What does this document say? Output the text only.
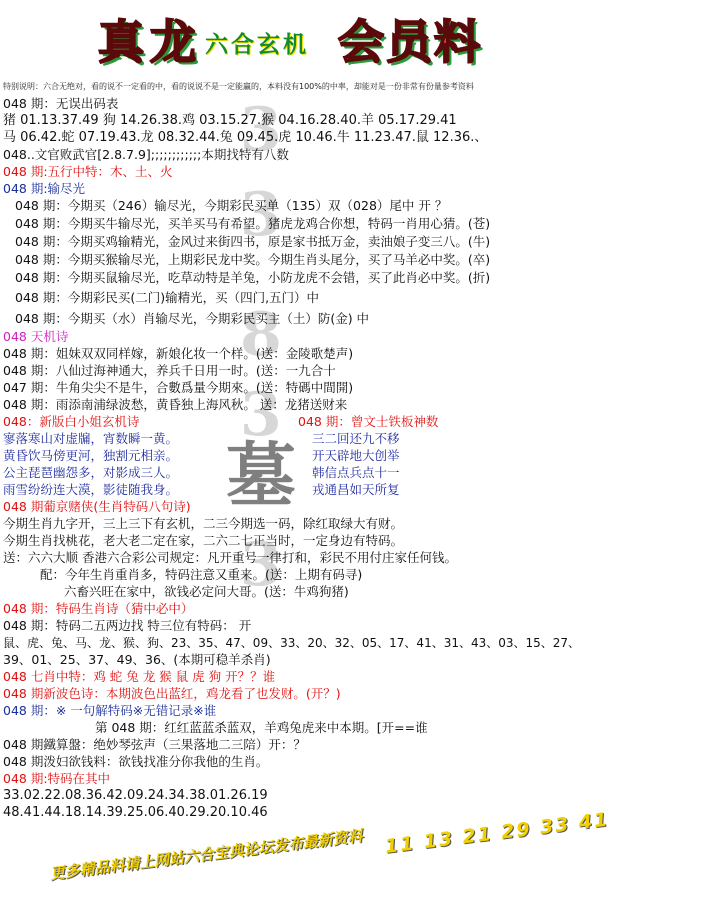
真 龙 六合玄机 会员料
特别说明：六合无绝对，看的说不一定看的中，看的说说不是一定能赢的，本料没有100%的中率，却能对是一份非常有份量参考资料
3
3
8
3
墓
3
048 期：无误出码表
猪 01.13.37.49 狗 14.26.38.鸡 03.15.27.猴 04.16.28.40.羊 05.17.29.41
马 06.42.蛇 07.19.43.龙 08.32.44.兔 09.45.虎 10.46.牛 11.23.47.鼠 12.36.、
048..文官败武官[2.8.7.9];;;;;;;;;;;;本期找特有八数
048 期:五行中特：木、土、火
048 期:输尽光
048 期：今期买（246）输尽光，今期彩民买单（135）双（028）尾中 开 ？
048 期：今期买牛输尽光，买羊买马有希望。猪虎龙鸡合你想，特码一肖用心猜。(苍)
048 期：今期买鸡输精光，金风过来街四书，原是家书抵万金，卖油娘子变三八。(牛)
048 期：今期买猴输尽光，上期彩民龙中奖。今期生肖头尾分，买了马羊必中奖。(卒)
048 期：今期买鼠输尽光，吃草动特是羊兔，小防龙虎不会错，买了此肖必中奖。(折)
048 期：今期彩民买(二门)输精光，买（四门,五门）中
048 期：今期买（水）肖输尽光，今期彩民买主（土）防(金) 中
048 天机诗
048 期：姐妹双双同样嫁，新娘化妆一个样。(送：金陵歌楚声)
048 期：八仙过海神通大，养兵千日用一时。(送：一九合十
047 期：牛角尖尖不是牛，合數爲量今期來。(送：特碼中間開)
048 期：雨添南浦绿波愁，黄昏独上海风秋。 送：龙猪送财来
048：新版白小姐玄机诗	048 期：曾文士铁板神数
寥落寒山对虚牖，宵数瞬一黄。	三二回还九不移
黄昏饮马傍更河，独割元相亲。	开天辟地大创举
公主琵琶幽怨多，对影成三人。	韩信点兵点十一
雨雪纷纷连大漠，影徒随我身。	戎通昌如天所复
048 期葡京赌侠(生肖特码八句诗)
今期生肖九字开，三上三下有玄机，二三今期选一码，除红取绿大有财。
今期生肖找桃花，老大老二定在家，二六二七正当时，一定身边有特码。
送：六六大顺 香港六合彩公司规定：凡开重号一律打和，彩民不用付庄家任何钱。
配：今年生肖重肖多，特码注意又重来。(送：上期有码寻)
六畜兴旺在家中，欲钱必定问大哥。(送：牛鸡狗猪)
048 期：特码生肖诗（猜中必中）
048 期：特码二五两边找 特三位有特码： 开
鼠、虎、兔、马、龙、猴、狗、23、35、47、09、33、20、32、05、17、41、31、43、03、15、27、
39、01、25、37、49、36、(本期可稳羊杀肖)
048 七肖中特：鸡 蛇 兔 龙 猴 鼠 虎 狗 开？？谁
048 期新波色诗：本期波色出蓝红，鸡龙看了也发财。(开？)
048 期：※ 一句解特码※无错记录※谁
第 048 期：红红蓝蓝杀蓝双，羊鸡兔虎来中本期。[开==谁
048 期鐵算盤：绝妙琴弦声（三果落地二三陪）开：？
048 期泼妇欲钱料：欲钱找准分你我他的生肖。
048 期:特码在其中
33.02.22.08.36.42.09.24.34.38.01.26.19
48.41.44.18.14.39.25.06.40.29.20.10.46
更多精品料请上网站六合宝典论坛发布最新资料 11 13 21 29 33 41
